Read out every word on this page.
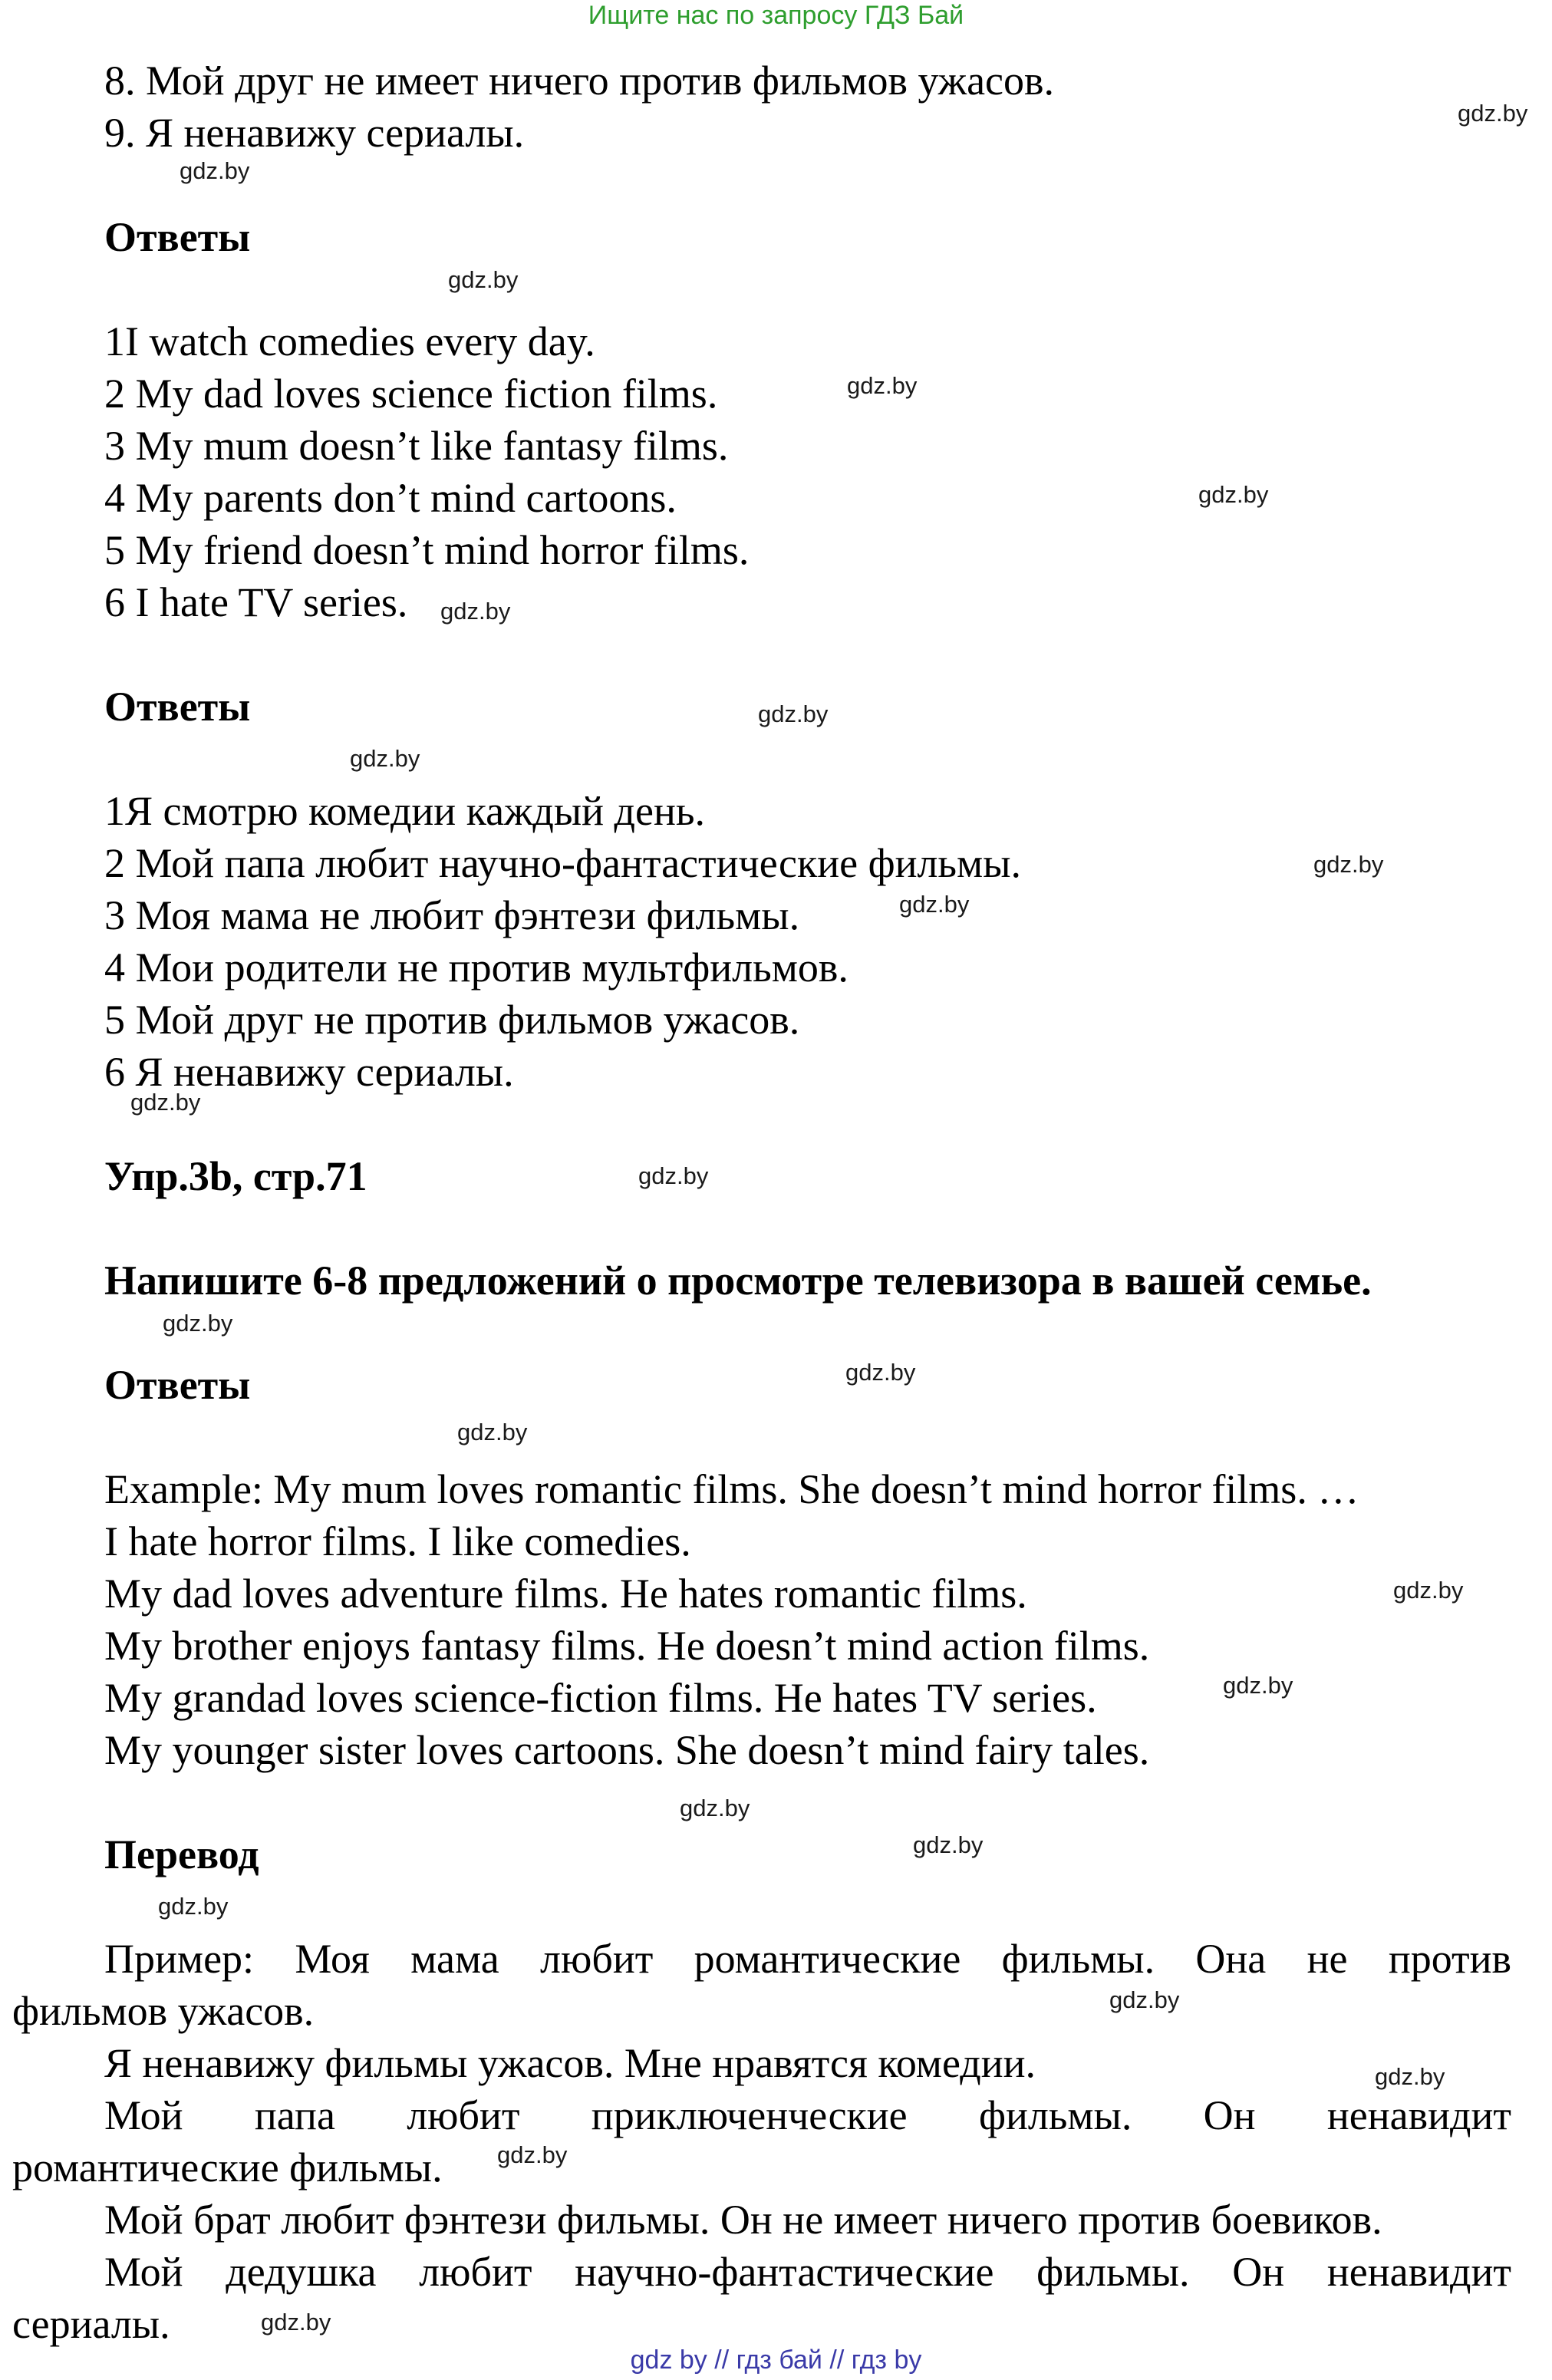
Ищите нас по запросу ГДЗ Бай
8. Мой друг не имеет ничего против фильмов ужасов.
9. Я ненавижу сериалы.
Ответы
1I watch comedies every day.
2 My dad loves science fiction films.
3 My mum doesn’t like fantasy films.
4 My parents don’t mind cartoons.
5 My friend doesn’t mind horror films.
6 I hate TV series.
Ответы
1Я смотрю комедии каждый день.
2 Мой папа любит научно-фантастические фильмы.
3 Моя мама не любит фэнтези фильмы.
4 Мои родители не против мультфильмов.
5 Мой друг не против фильмов ужасов.
6 Я ненавижу сериалы.
Упр.3b, стр.71
Напишите 6-8 предложений о просмотре телевизора в вашей семье.
Ответы
Example: My mum loves romantic films. She doesn’t mind horror films. …
I hate horror films. I like comedies.
My dad loves adventure films. He hates romantic films.
My brother enjoys fantasy films. He doesn’t mind action films.
My grandad loves science-fiction films. He hates TV series.
My younger sister loves cartoons. She doesn’t mind fairy tales.
Перевод
Пример: Моя мама любит романтические фильмы. Она не против
фильмов ужасов.
Я ненавижу фильмы ужасов. Мне нравятся комедии.
Мой папа любит приключенческие фильмы. Он ненавидит
романтические фильмы.
Мой брат любит фэнтези фильмы. Он не имеет ничего против боевиков.
Мой дедушка любит научно-фантастические фильмы. Он ненавидит
сериалы.
gdz.by
gdz.by
gdz.by
gdz.by
gdz.by
gdz.by
gdz.by
gdz.by
gdz.by
gdz.by
gdz.by
gdz.by
gdz.by
gdz.by
gdz.by
gdz.by
gdz.by
gdz.by
gdz.by
gdz.by
gdz.by
gdz.by
gdz.by
gdz.by
gdz by // гдз бай // гдз by
